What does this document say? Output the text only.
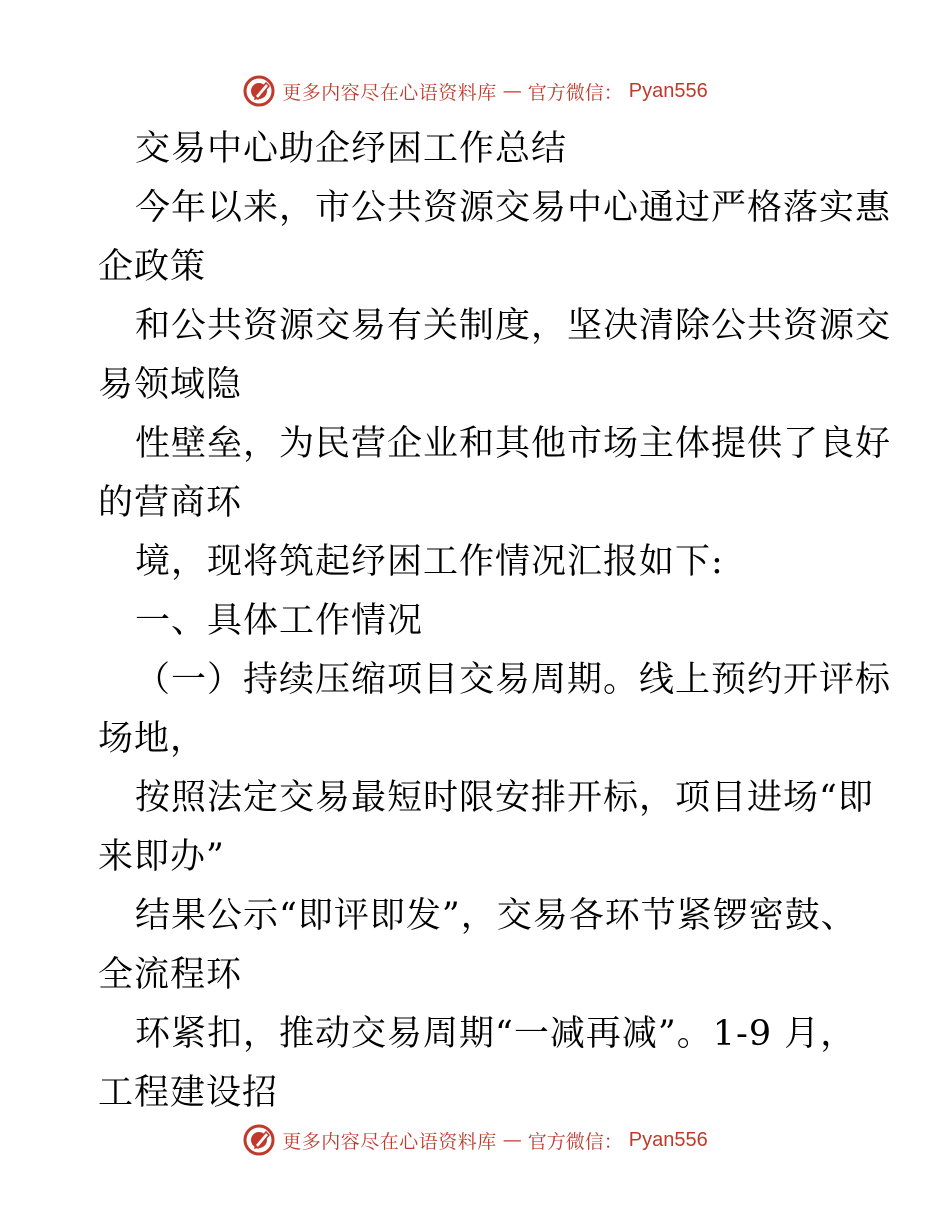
更多内容尽在心语资料库 — 官方微信： Pyan556

交易中心助企纾困工作总结

今年以来，市公共资源交易中心通过严格落实惠

企政策

和公共资源交易有关制度，坚决清除公共资源交

易领域隐

性壁垒，为民营企业和其他市场主体提供了良好

的营商环

境，现将筑起纾困工作情况汇报如下:

一、具体工作情况

（一）持续压缩项目交易周期。线上预约开评标

场地，

按照法定交易最短时限安排开标，项目进场“即

来即办”

结果公示“即评即发”，交易各环节紧锣密鼓、

全流程环

环紧扣，推动交易周期“一减再减”。1-9 月，

工程建设招

更多内容尽在心语资料库 — 官方微信： Pyan556
